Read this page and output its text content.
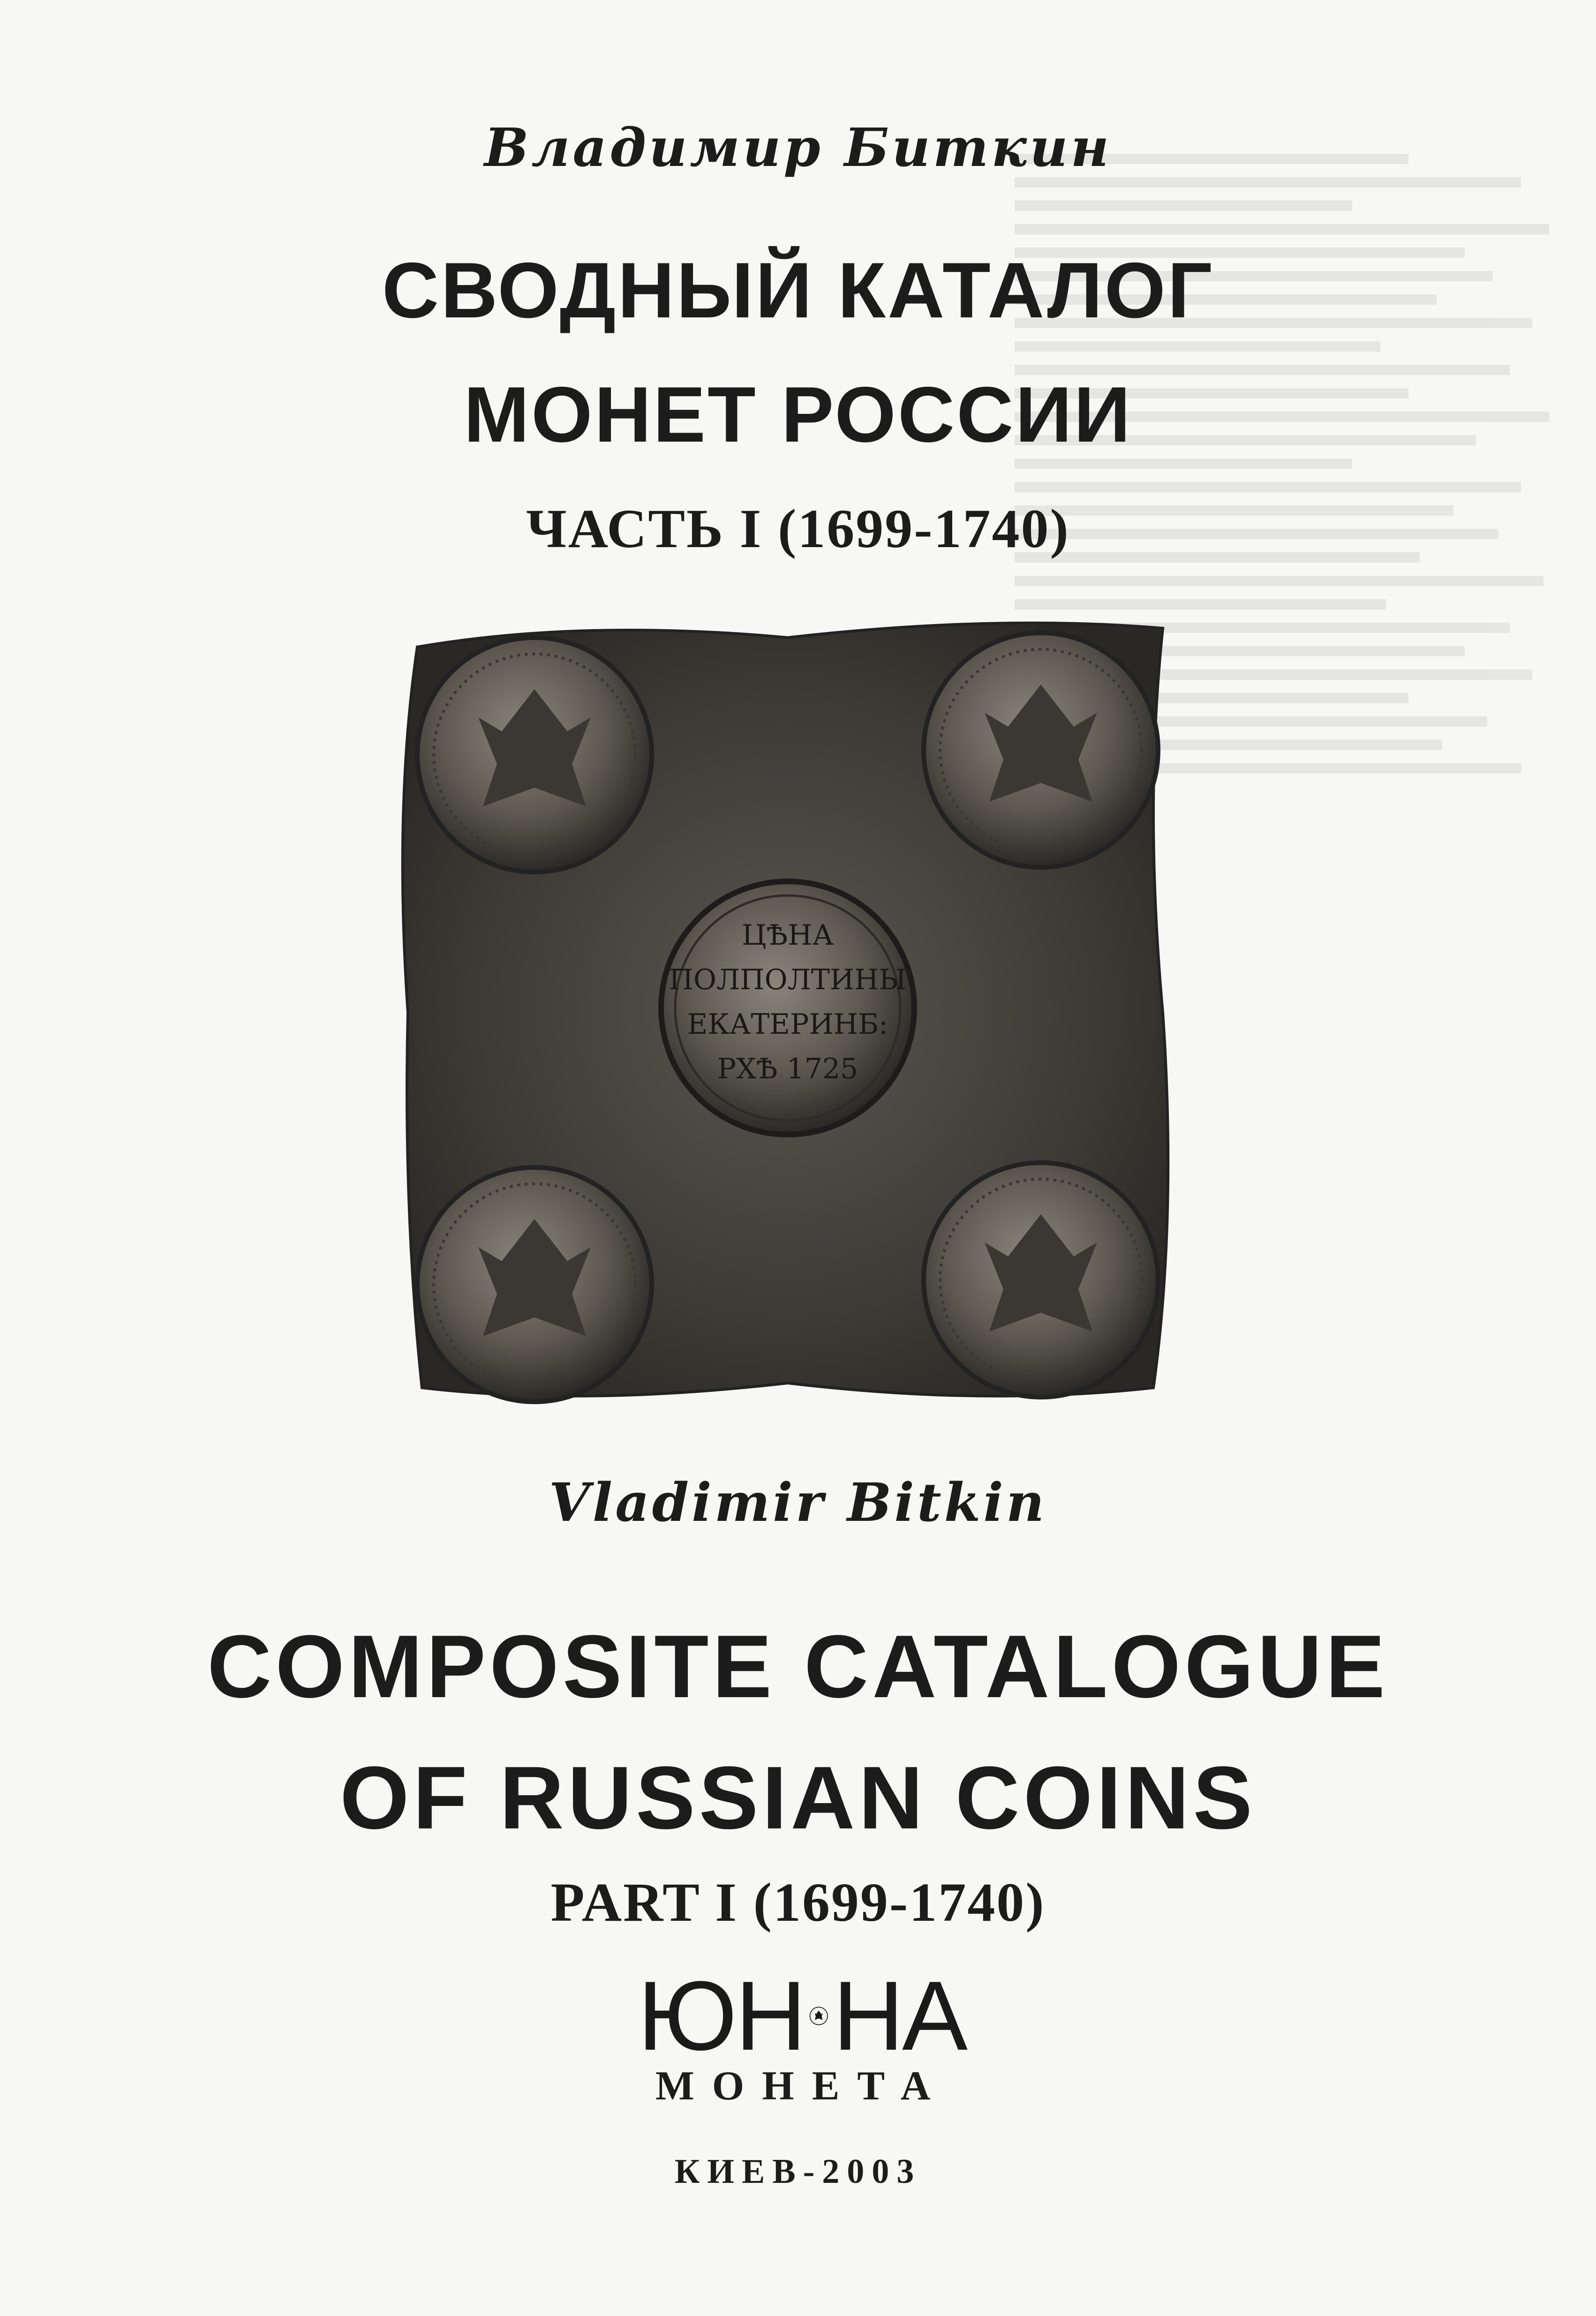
Владимир Биткин
СВОДНЫЙ КАТАЛОГ
МОНЕТ РОССИИ
ЧАСТЬ I (1699-1740)
ЦѢНА
ПОЛПОЛТИНЫ
ЕКАТЕРИНБ:
РХѢ 1725
Vladimir Bitkin
COMPOSITE CATALOGUE
OF RUSSIAN COINS
PART I (1699-1740)
ЮН НА
МОНЕТА
КИЕВ-2003
